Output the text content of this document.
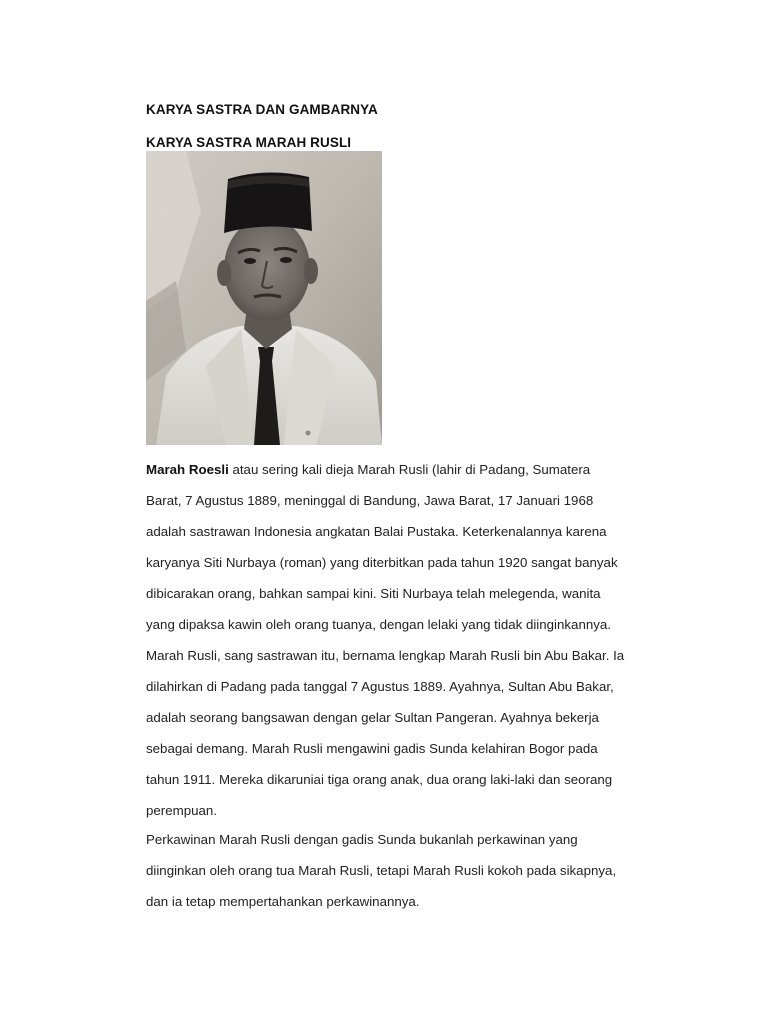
KARYA SASTRA DAN GAMBARNYA
KARYA SASTRA MARAH RUSLI
Marah Roesli atau sering kali dieja Marah Rusli (lahir di Padang, Sumatera
Barat, 7 Agustus 1889, meninggal di Bandung, Jawa Barat, 17 Januari 1968
adalah sastrawan Indonesia angkatan Balai Pustaka. Keterkenalannya karena
karyanya Siti Nurbaya (roman) yang diterbitkan pada tahun 1920 sangat banyak
dibicarakan orang, bahkan sampai kini. Siti Nurbaya telah melegenda, wanita
yang dipaksa kawin oleh orang tuanya, dengan lelaki yang tidak diinginkannya.
Marah Rusli, sang sastrawan itu, bernama lengkap Marah Rusli bin Abu Bakar. Ia
dilahirkan di Padang pada tanggal 7 Agustus 1889. Ayahnya, Sultan Abu Bakar,
adalah seorang bangsawan dengan gelar Sultan Pangeran. Ayahnya bekerja
sebagai demang. Marah Rusli mengawini gadis Sunda kelahiran Bogor pada
tahun 1911. Mereka dikaruniai tiga orang anak, dua orang laki-laki dan seorang
perempuan.
Perkawinan Marah Rusli dengan gadis Sunda bukanlah perkawinan yang
diinginkan oleh orang tua Marah Rusli, tetapi Marah Rusli kokoh pada sikapnya,
dan ia tetap mempertahankan perkawinannya.
